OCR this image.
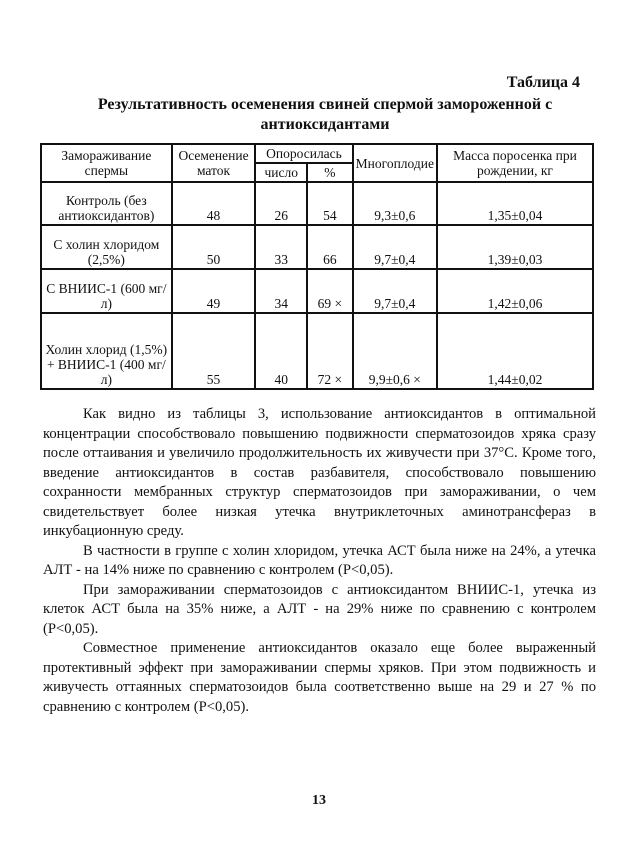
Таблица 4
Результативность осеменения свиней спермой замороженной с антиоксидантами
Замораживание спермы	Осеменение маток	Опоросилась		Многоплодие	Масса поросенка при рождении, кг
		число	%		
Контроль (без антиоксидантов)	48	26	54	9,3±0,6	1,35±0,04
С холин хлоридом (2,5%)	50	33	66	9,7±0,4	1,39±0,03
С ВНИИС-1 (600 мг/л)	49	34	69 ×	9,7±0,4	1,42±0,06
Холин хлорид (1,5%) + ВНИИС-1 (400 мг/л)	55	40	72 ×	9,9±0,6 ×	1,44±0,02

Как видно из таблицы 3, использование антиоксидантов в оптимальной концентрации способствовало повышению подвижности сперматозоидов хряка сразу после оттаивания и увеличило продолжительность их живучести при 37°С. Кроме того, введение антиоксидантов в состав разбавителя, способствовало повышению сохранности мембранных структур сперматозоидов при замораживании, о чем свидетельствует более низкая утечка внутриклеточных аминотрансфераз в инкубационную среду.

В частности в группе с холин хлоридом, утечка АСТ была ниже на 24%, а утечка АЛТ - на 14% ниже по сравнению с контролем (Р<0,05).

При замораживании сперматозоидов с антиоксидантом ВНИИС-1, утечка из клеток АСТ была на 35% ниже, а АЛТ - на 29% ниже по сравнению с контролем (Р<0,05).

Совместное применение антиоксидантов оказало еще более выраженный протективный эффект при замораживании спермы хряков. При этом подвижность и живучесть оттаянных сперматозоидов была соответственно выше на 29 и 27 % по сравнению с контролем (Р<0,05).

13
